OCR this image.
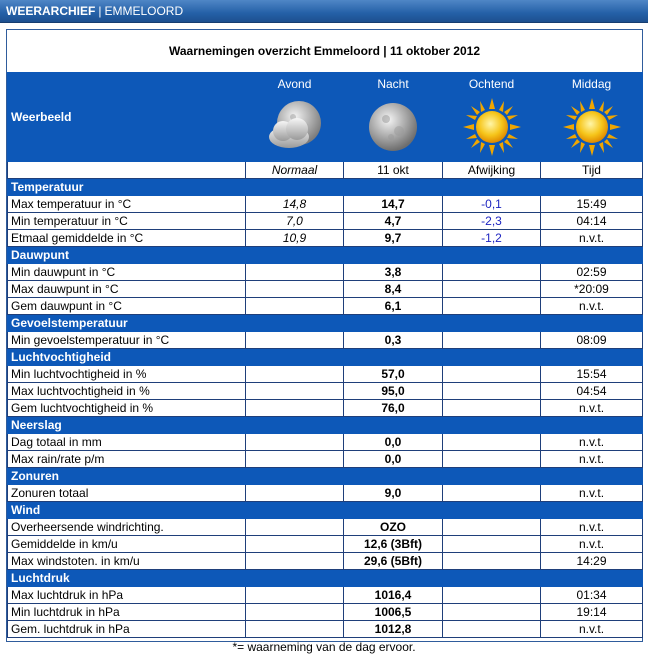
WEERARCHIEF | EMMELOORD
Waarnemingen overzicht Emmeloord | 11 oktober 2012
Weerbeeld	Avond	Nacht	Ochtend	Middag

	Normaal	11 okt	Afwijking	Tijd
Temperatuur				
Max temperatuur in °C	14,8	14,7	-0,1	15:49
Min temperatuur in °C	7,0	4,7	-2,3	04:14
Etmaal gemiddelde in °C	10,9	9,7	-1,2	n.v.t.
Dauwpunt				
Min dauwpunt in °C		3,8		02:59
Max dauwpunt in °C		8,4		*20:09
Gem dauwpunt in °C		6,1		n.v.t.
Gevoelstemperatuur				
Min gevoelstemperatuur in °C		0,3		08:09
Luchtvochtigheid				
Min luchtvochtigheid in %		57,0		15:54
Max luchtvochtigheid in %		95,0		04:54
Gem luchtvochtigheid in %		76,0		n.v.t.
Neerslag				
Dag totaal in mm		0,0		n.v.t.
Max rain/rate p/m		0,0		n.v.t.
Zonuren				
Zonuren totaal		9,0		n.v.t.
Wind				
Overheersende windrichting.		OZO		n.v.t.
Gemiddelde in km/u		12,6 (3Bft)		n.v.t.
Max windstoten. in km/u		29,6 (5Bft)		14:29
Luchtdruk				
Max luchtdruk in hPa		1016,4		01:34
Min luchtdruk in hPa		1006,5		19:14
Gem. luchtdruk in hPa		1012,8		n.v.t.
*= waarneming van de dag ervoor.
